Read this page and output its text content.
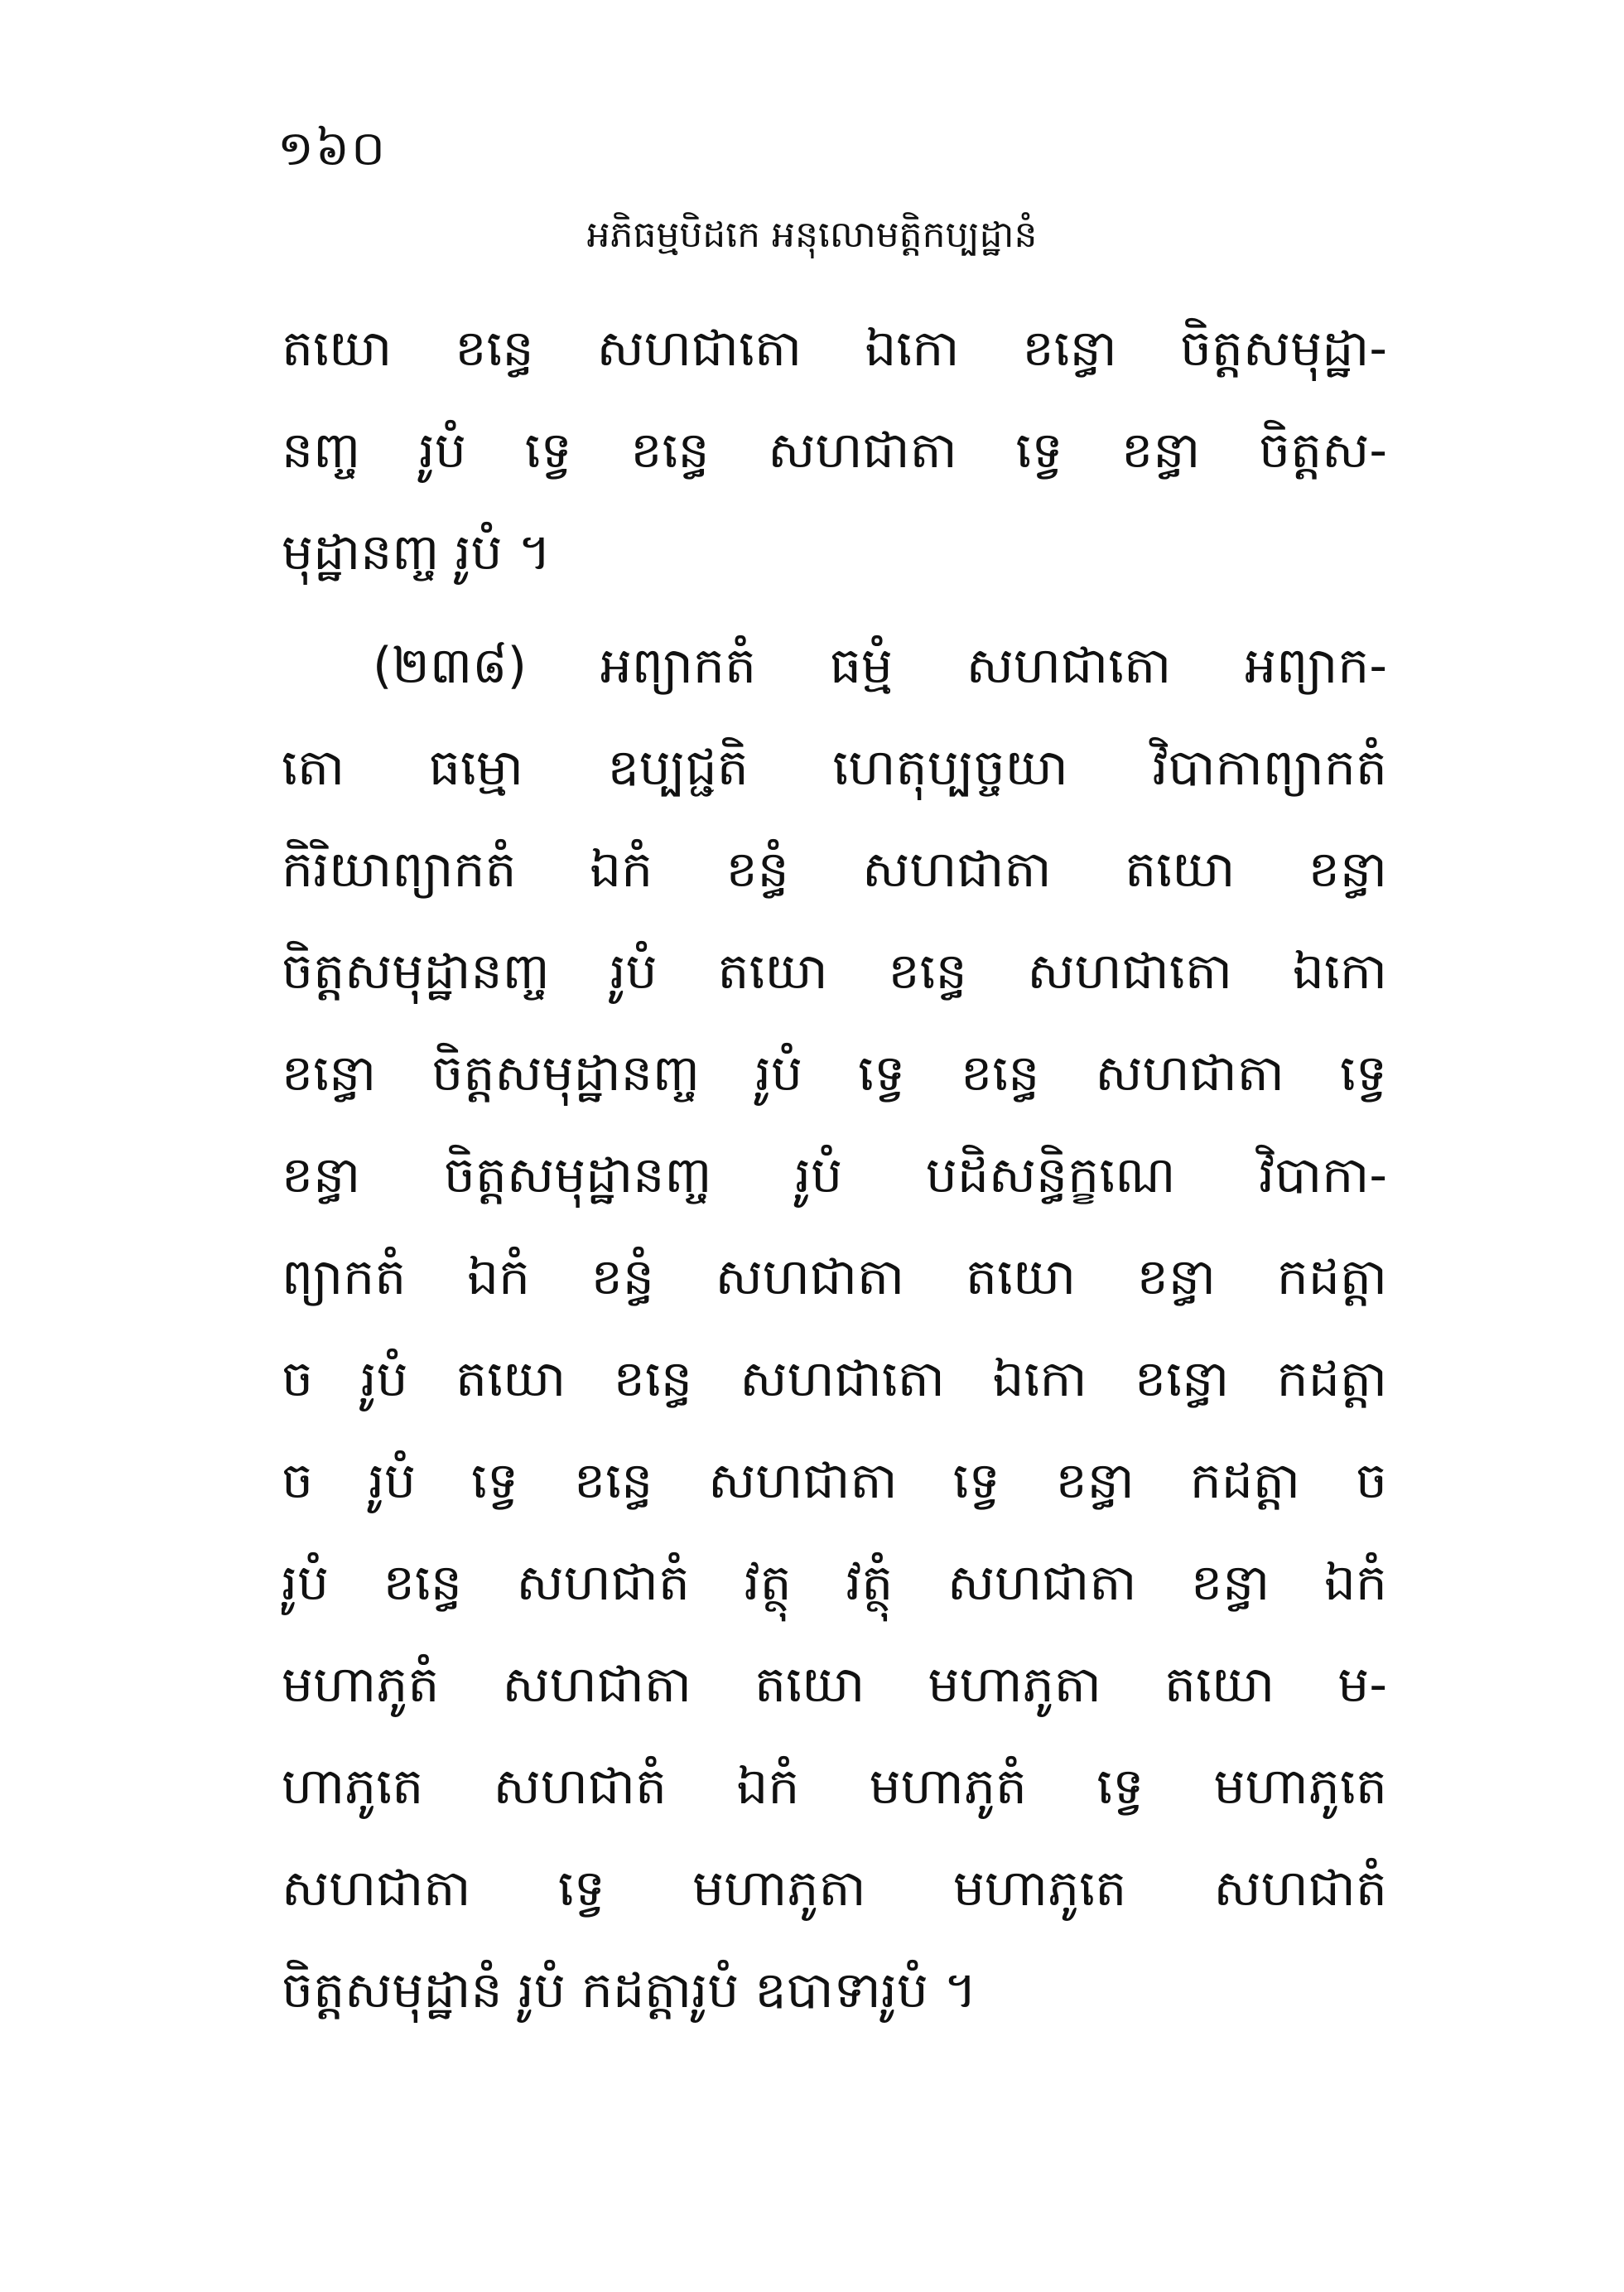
១៦០
អភិធម្មបិដកេ អនុលោមត្តិកប្បដ្ឋានំ
តយោ ខន្ធេ សហជាតោ ឯកោ ខន្ធោ ចិត្តសមុដ្ឋា-
នញ្ច រូបំ ទ្វេ ខន្ធេ សហជាតា ទ្វេ ខន្ធា ចិត្តស-
មុដ្ឋានញ្ច រូបំ ។
(២៣៨) អព្យាកតំ ធម្មំ សហជាតោ អព្យាក-
តោ ធម្មោ ឧប្បជ្ជតិ ហេតុប្បច្ចយា វិបាកាព្យាកតំ
កិរិយាព្យាកតំ ឯកំ ខន្ធំ សហជាតា តយោ ខន្ធា
ចិត្តសមុដ្ឋានញ្ច រូបំ តយោ ខន្ធេ សហជាតោ ឯកោ
ខន្ធោ ចិត្តសមុដ្ឋានញ្ច រូបំ ទ្វេ ខន្ធេ សហជាតា ទ្វេ
ខន្ធា ចិត្តសមុដ្ឋានញ្ច រូបំ បដិសន្ធិក្ខណេ វិបាកា-
ព្យាកតំ ឯកំ ខន្ធំ សហជាតា តយោ ខន្ធា កដត្តា
ច រូបំ តយោ ខន្ធេ សហជាតោ ឯកោ ខន្ធោ កដត្តា
ច រូបំ ទ្វេ ខន្ធេ សហជាតា ទ្វេ ខន្ធា កដត្តា ច
រូបំ ខន្ធេ សហជាតំ វត្ថុ វត្ថុំ សហជាតា ខន្ធា ឯកំ
មហាភូតំ សហជាតា តយោ មហាភូតា តយោ ម-
ហាភូតេ សហជាតំ ឯកំ មហាភូតំ ទ្វេ មហាភូតេ
សហជាតា ទ្វេ មហាភូតា មហាភូតេ សហជាតំ
ចិត្តសមុដ្ឋានំ រូបំ កដត្តារូបំ ឧបាទារូបំ ។
